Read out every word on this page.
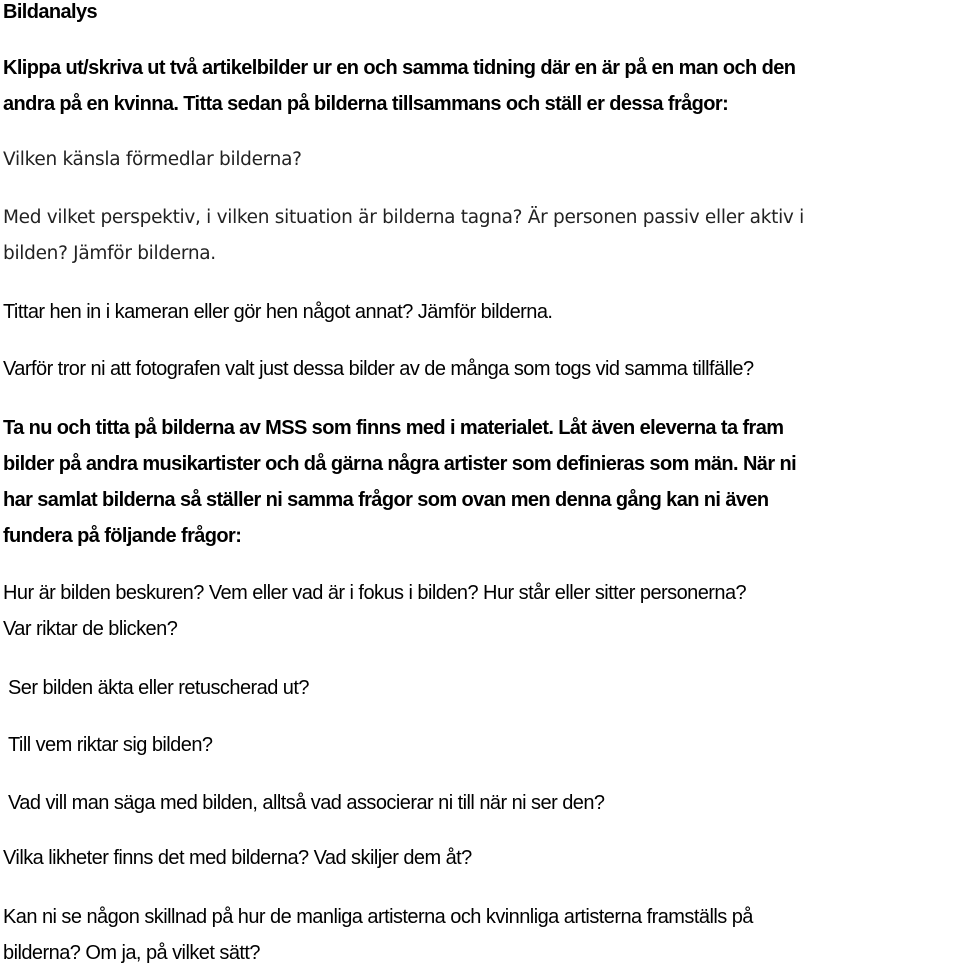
Bildanalys
Klippa ut/skriva ut två artikelbilder ur en och samma tidning där en är på en man och den
andra på en kvinna. Titta sedan på bilderna tillsammans och ställ er dessa frågor:
Vilken känsla förmedlar bilderna?
Med vilket perspektiv, i vilken situation är bilderna tagna? Är personen passiv eller aktiv i
bilden? Jämför bilderna.
Tittar hen in i kameran eller gör hen något annat? Jämför bilderna.
Varför tror ni att fotografen valt just dessa bilder av de många som togs vid samma tillfälle?
Ta nu och titta på bilderna av MSS som finns med i materialet. Låt även eleverna ta fram
bilder på andra musikartister och då gärna några artister som definieras som män. När ni
har samlat bilderna så ställer ni samma frågor som ovan men denna gång kan ni även
fundera på följande frågor:
Hur är bilden beskuren? Vem eller vad är i fokus i bilden? Hur står eller sitter personerna?
Var riktar de blicken?
Ser bilden äkta eller retuscherad ut?
Till vem riktar sig bilden?
Vad vill man säga med bilden, alltså vad associerar ni till när ni ser den?
Vilka likheter finns det med bilderna? Vad skiljer dem åt?
Kan ni se någon skillnad på hur de manliga artisterna och kvinnliga artisterna framställs på
bilderna? Om ja, på vilket sätt?
